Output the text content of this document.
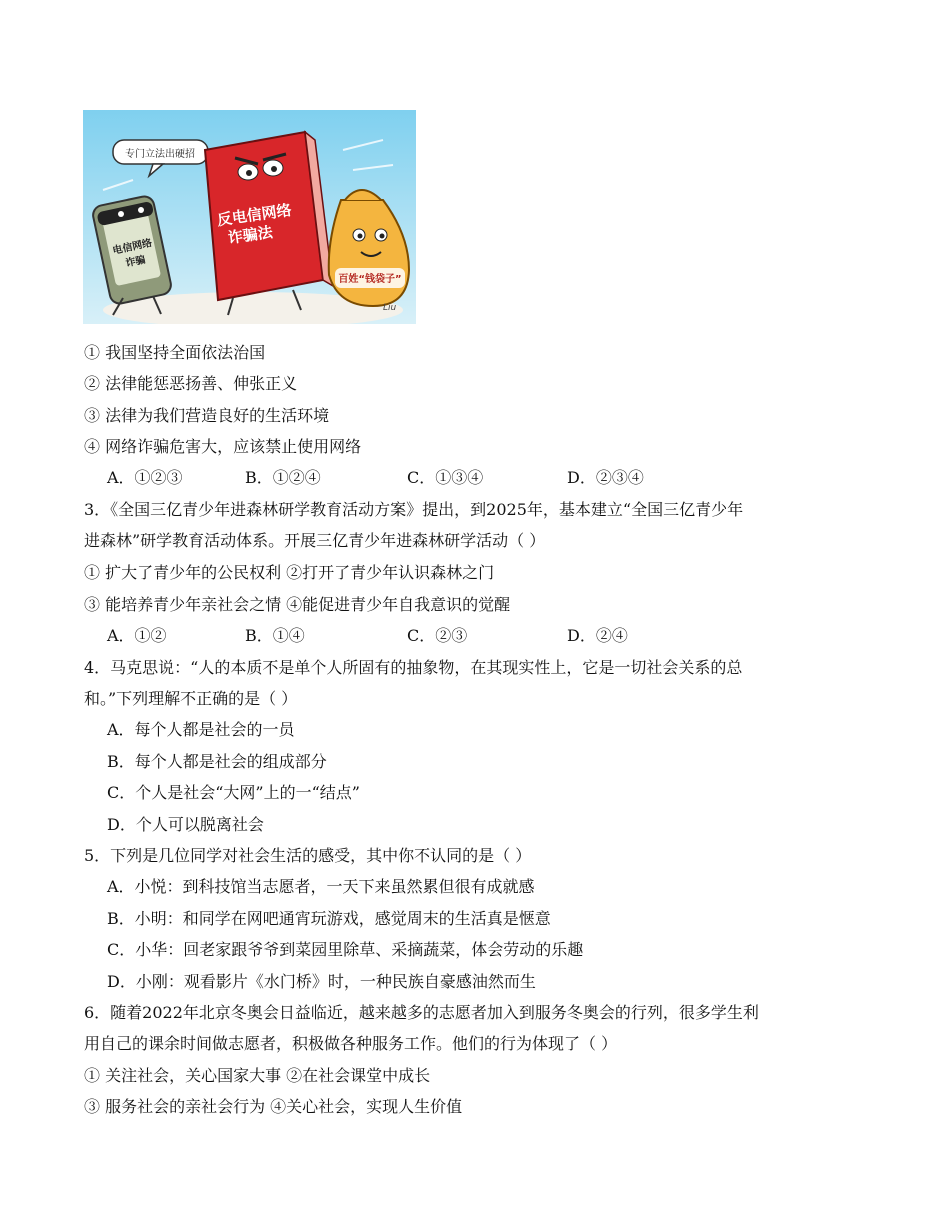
专门立法出硬招
电信网络
诈骗
反电信网络
诈骗法
百姓“钱袋子”
Liu
① 我国坚持全面依法治国
② 法律能惩恶扬善、伸张正义
③ 法律为我们营造良好的生活环境
④ 网络诈骗危害大，应该禁止使用网络
A．①②③	B．①②④	C．①③④	D．②③④
3．《全国三亿青少年进森林研学教育活动方案》提出，到2025年，基本建立“全国三亿青少年
进森林”研学教育活动体系。开展三亿青少年进森林研学活动（ ）
① 扩大了青少年的公民权利 ②打开了青少年认识森林之门
③ 能培养青少年亲社会之情 ④能促进青少年自我意识的觉醒
A．①②	B．①④	C．②③	D．②④
4．马克思说：“人的本质不是单个人所固有的抽象物，在其现实性上，它是一切社会关系的总
和。”下列理解不正确的是（ ）
A．每个人都是社会的一员
B．每个人都是社会的组成部分
C．个人是社会“大网”上的一“结点”
D．个人可以脱离社会
5．下列是几位同学对社会生活的感受，其中你不认同的是（ ）
A．小悦：到科技馆当志愿者，一天下来虽然累但很有成就感
B．小明：和同学在网吧通宵玩游戏，感觉周末的生活真是惬意
C．小华：回老家跟爷爷到菜园里除草、采摘蔬菜，体会劳动的乐趣
D．小刚：观看影片《水门桥》时，一种民族自豪感油然而生
6．随着2022年北京冬奥会日益临近，越来越多的志愿者加入到服务冬奥会的行列，很多学生利
用自己的课余时间做志愿者，积极做各种服务工作。他们的行为体现了（ ）
① 关注社会，关心国家大事 ②在社会课堂中成长
③ 服务社会的亲社会行为 ④关心社会，实现人生价值
